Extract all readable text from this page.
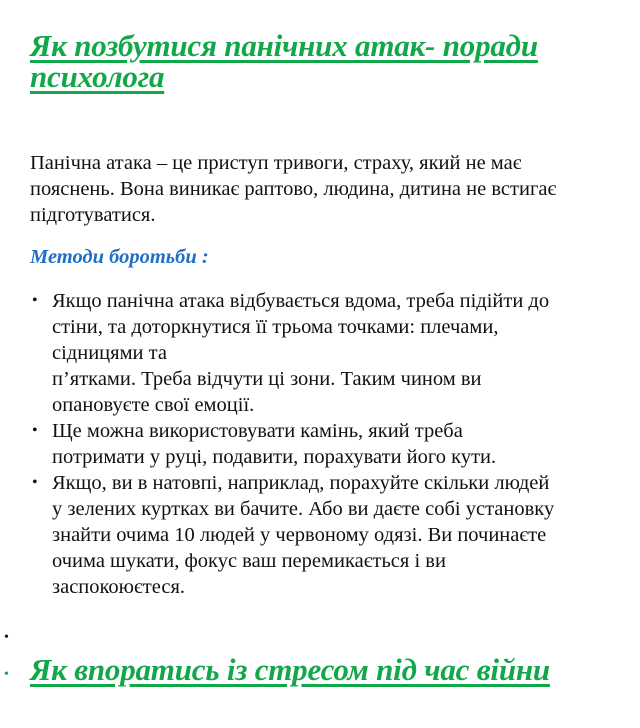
Як позбутися панічних атак- поради
психолога
Панічна атака – це приступ тривоги, страху, який не має
пояснень. Вона виникає раптово, людина, дитина не встигає
підготуватися.
Методи боротьби :
• Якщо панічна атака відбувається вдома, треба підійти до
стіни, та доторкнутися її трьома точками: плечами,
сідницями та
п’ятками. Треба відчути ці зони. Таким чином ви
опановуєте свої емоції.
• Ще можна використовувати камінь, який треба
потримати у руці, подавити, порахувати його кути.
• Якщо, ви в натовпі, наприклад, порахуйте скільки людей
у зелених куртках ви бачите. Або ви даєте собі установку
знайти очима 10 людей у червоному одязі. Ви починаєте
очима шукати, фокус ваш перемикається і ви
заспокоюєтеся.
•
• Як впоратись із стресом під час війни
